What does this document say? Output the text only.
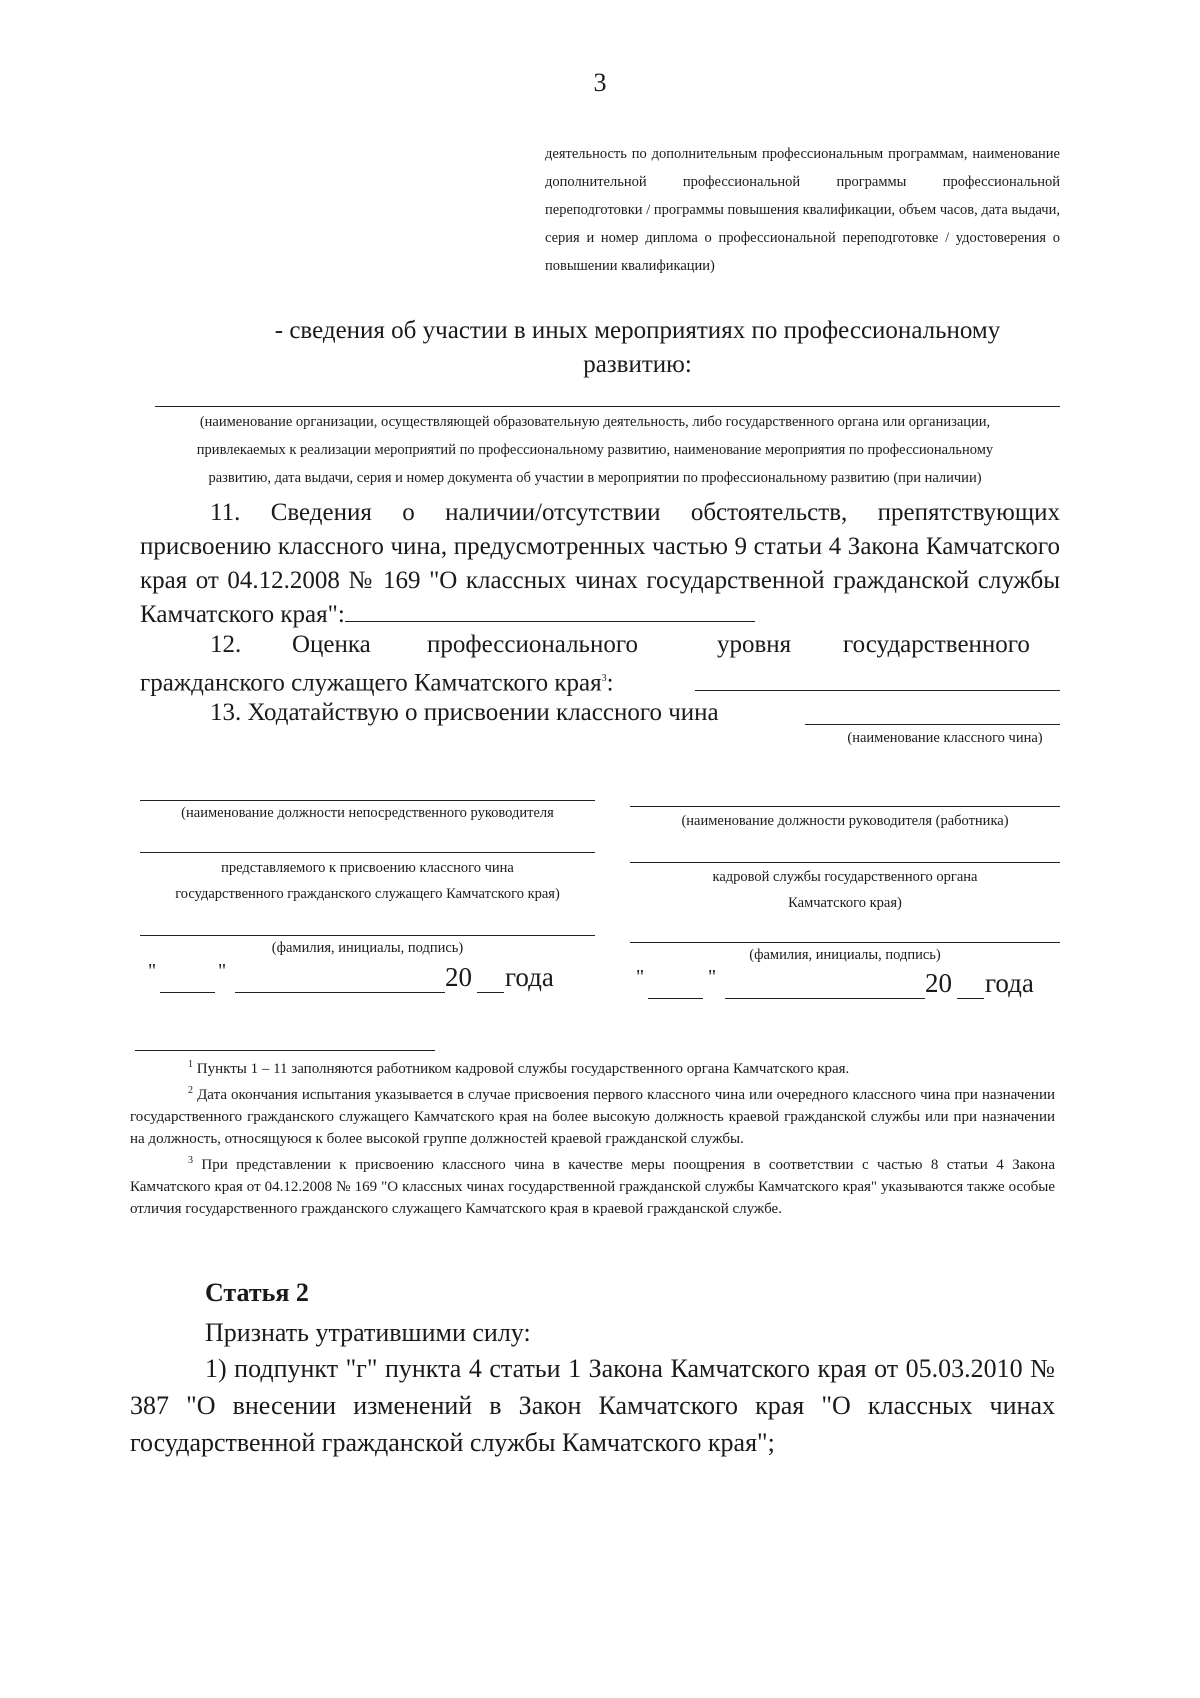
3
деятельность по дополнительным профессиональным программам, наименование дополнительной профессиональной программы профессиональной переподготовки / программы повышения квалификации, объем часов, дата выдачи, серия и номер диплома о профессиональной переподготовке / удостоверения о повышении квалификации)
- сведения об участии в иных мероприятиях по профессиональному
развитию:
(наименование организации, осуществляющей образовательную деятельность, либо государственного органа или организации,
привлекаемых к реализации мероприятий по профессиональному развитию, наименование мероприятия по профессиональному
развитию, дата выдачи, серия и номер документа об участии в мероприятии по профессиональному развитию (при наличии)
11. Сведения о наличии/отсутствии обстоятельств, препятствующих присвоению классного чина, предусмотренных частью 9 статьи 4 Закона Камчатского края от 04.12.2008 № 169 "О классных чинах государственной гражданской службы Камчатского края":
12. Оценка профессионального	уровня государственного
гражданского служащего Камчатского края$^3$:
13. Ходатайствую о присвоении классного чина
(наименование классного чина)
(наименование должности непосредственного руководителя
представляемого к присвоению классного чина
государственного гражданского служащего Камчатского края)
(фамилия, инициалы, подпись)
(наименование должности руководителя (работника)
кадровой службы государственного органа
Камчатского края)
(фамилия, инициалы, подпись)
"	"	20 года	"	"	20 года

$^1$ Пункты 1 – 11 заполняются работником кадровой службы государственного органа Камчатского края.

$^2$ Дата окончания испытания указывается в случае присвоения первого классного чина или очередного классного чина при назначении государственного гражданского служащего Камчатского края на более высокую должность краевой гражданской службы или при назначении на должность, относящуюся к более высокой группе должностей краевой гражданской службы.

$^3$ При представлении к присвоению классного чина в качестве меры поощрения в соответствии с частью 8 статьи 4 Закона Камчатского края от 04.12.2008 № 169 "О классных чинах государственной гражданской службы Камчатского края" указываются также особые отличия государственного гражданского служащего Камчатского края в краевой гражданской службе.

Статья 2
Признать утратившими силу:
1) подпункт "г" пункта 4 статьи 1 Закона Камчатского края от 05.03.2010 № 387 "О внесении изменений в Закон Камчатского края "О классных чинах государственной гражданской службы Камчатского края";
